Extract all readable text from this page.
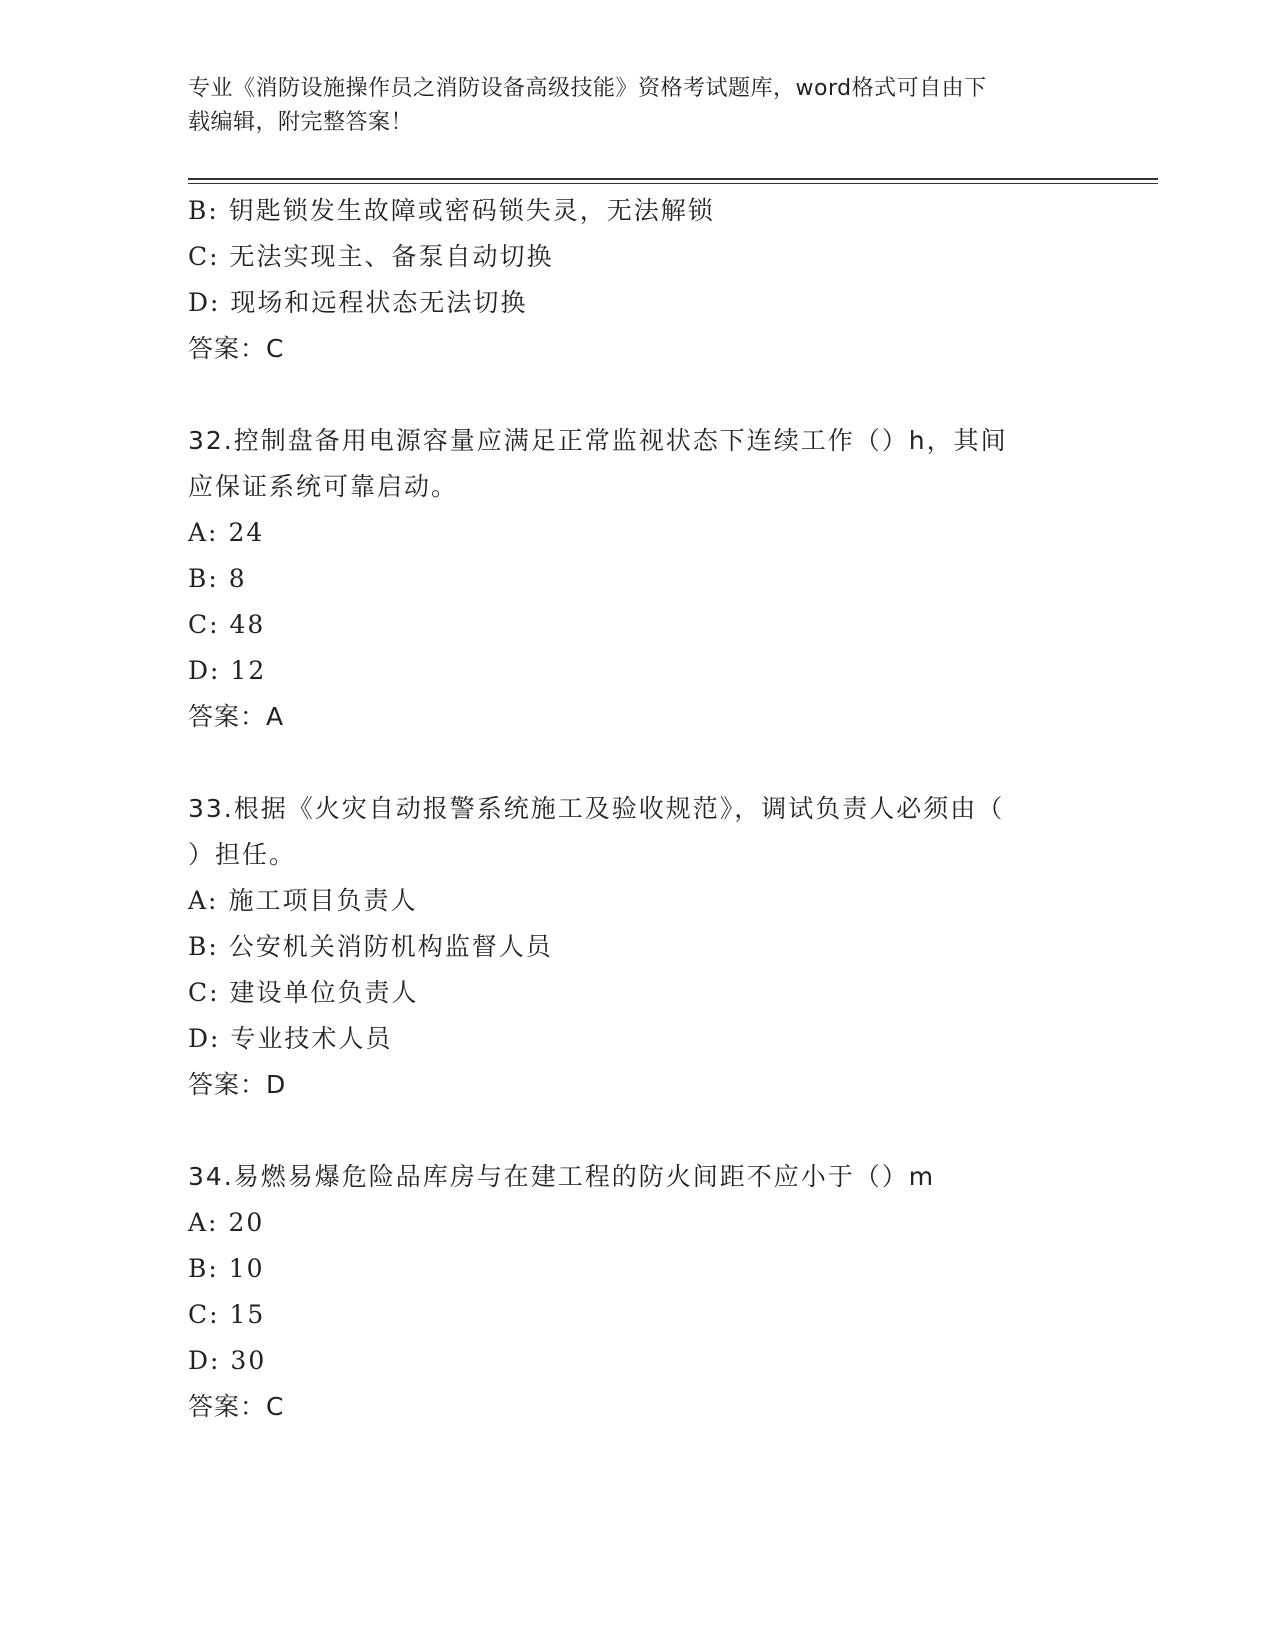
专业《消防设施操作员之消防设备高级技能》资格考试题库，word格式可自由下
载编辑，附完整答案！
B: 钥匙锁发生故障或密码锁失灵，无法解锁
C: 无法实现主、备泵自动切换
D: 现场和远程状态无法切换
答案：C
32.控制盘备用电源容量应满足正常监视状态下连续工作（）h，其间
应保证系统可靠启动。
A: 24
B: 8
C: 48
D: 12
答案：A
33.根据《火灾自动报警系统施工及验收规范》，调试负责人必须由（
）担任。
A: 施工项目负责人
B: 公安机关消防机构监督人员
C: 建设单位负责人
D: 专业技术人员
答案：D
34.易燃易爆危险品库房与在建工程的防火间距不应小于（）m
A: 20
B: 10
C: 15
D: 30
答案：C
